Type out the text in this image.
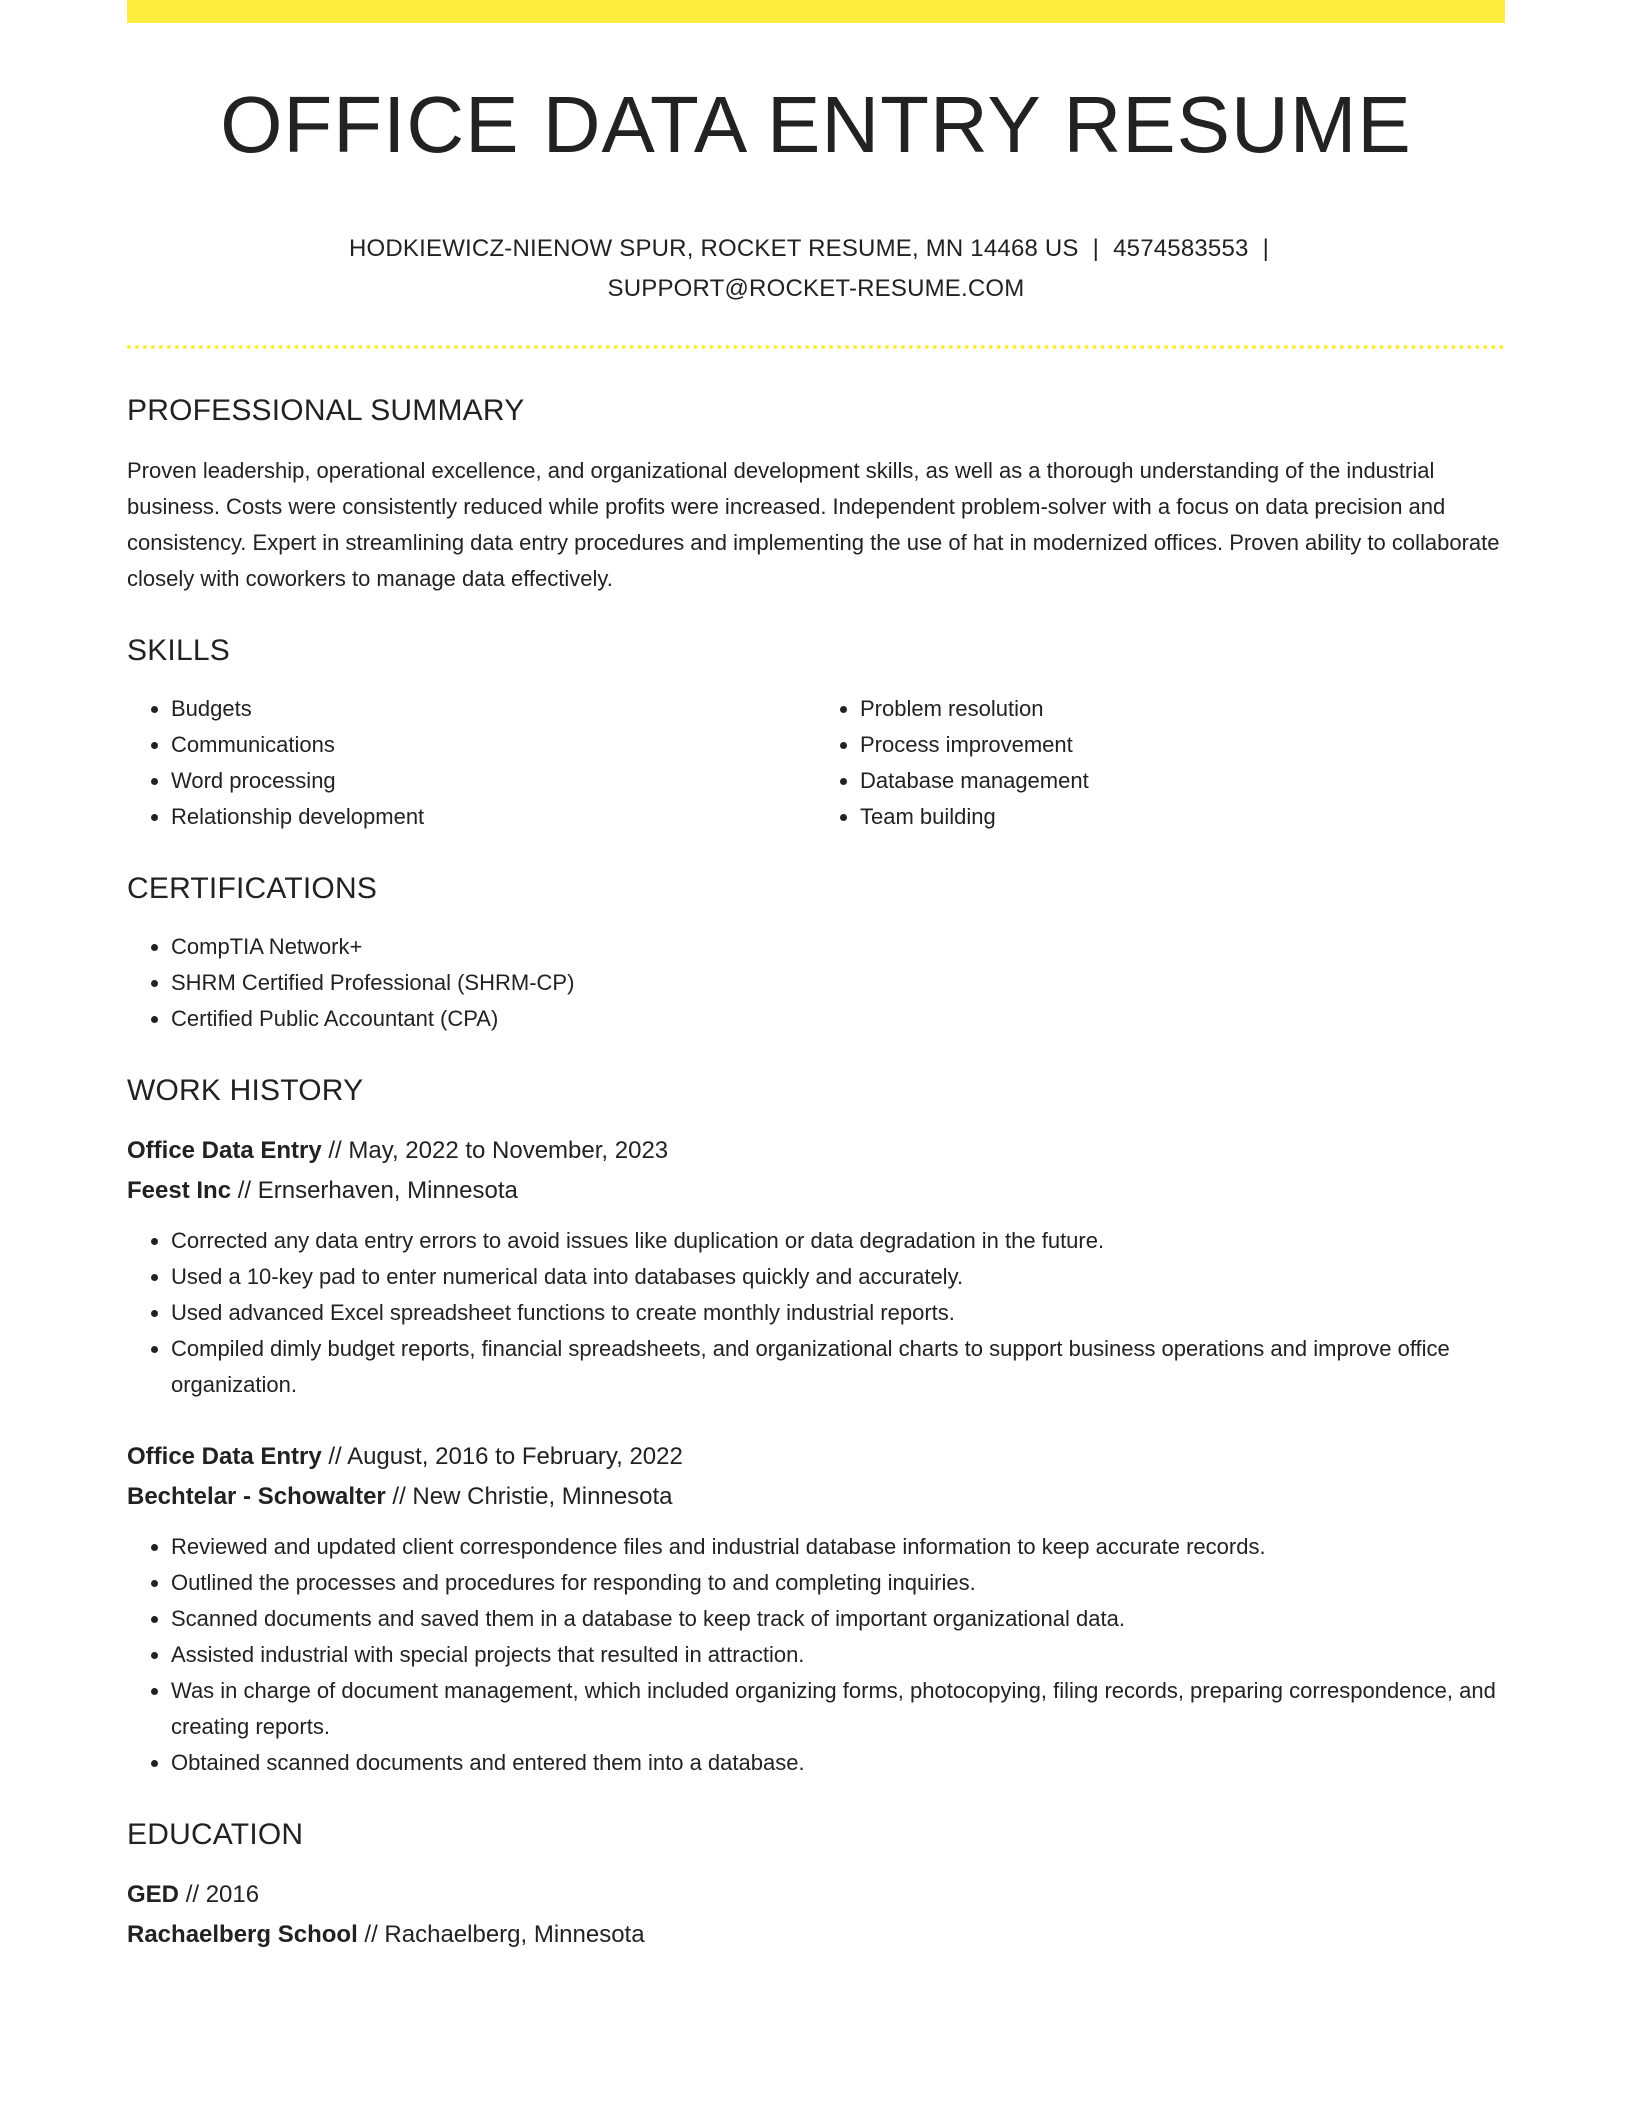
OFFICE DATA ENTRY RESUME
HODKIEWICZ-NIENOW SPUR, ROCKET RESUME, MN 14468 US | 4574583553 |
SUPPORT@ROCKET-RESUME.COM
PROFESSIONAL SUMMARY

Proven leadership, operational excellence, and organizational development skills, as well as a thorough understanding of the industrial business. Costs were consistently reduced while profits were increased. Independent problem-solver with a focus on data precision and consistency. Expert in streamlining data entry procedures and implementing the use of hat in modernized offices. Proven ability to collaborate closely with coworkers to manage data effectively.

SKILLS
• Budgets
• Communications
• Word processing
• Relationship development
• Problem resolution
• Process improvement
• Database management
• Team building
CERTIFICATIONS
• CompTIA Network+
• SHRM Certified Professional (SHRM-CP)
• Certified Public Accountant (CPA)
WORK HISTORY
Office Data Entry // May, 2022 to November, 2023
Feest Inc // Ernserhaven, Minnesota
• Corrected any data entry errors to avoid issues like duplication or data degradation in the future.
• Used a 10-key pad to enter numerical data into databases quickly and accurately.
• Used advanced Excel spreadsheet functions to create monthly industrial reports.
• Compiled dimly budget reports, financial spreadsheets, and organizational charts to support business operations and improve office organization.
Office Data Entry // August, 2016 to February, 2022
Bechtelar - Schowalter // New Christie, Minnesota
• Reviewed and updated client correspondence files and industrial database information to keep accurate records.
• Outlined the processes and procedures for responding to and completing inquiries.
• Scanned documents and saved them in a database to keep track of important organizational data.
• Assisted industrial with special projects that resulted in attraction.
• Was in charge of document management, which included organizing forms, photocopying, filing records, preparing correspondence, and creating reports.
• Obtained scanned documents and entered them into a database.
EDUCATION
GED // 2016
Rachaelberg School // Rachaelberg, Minnesota
